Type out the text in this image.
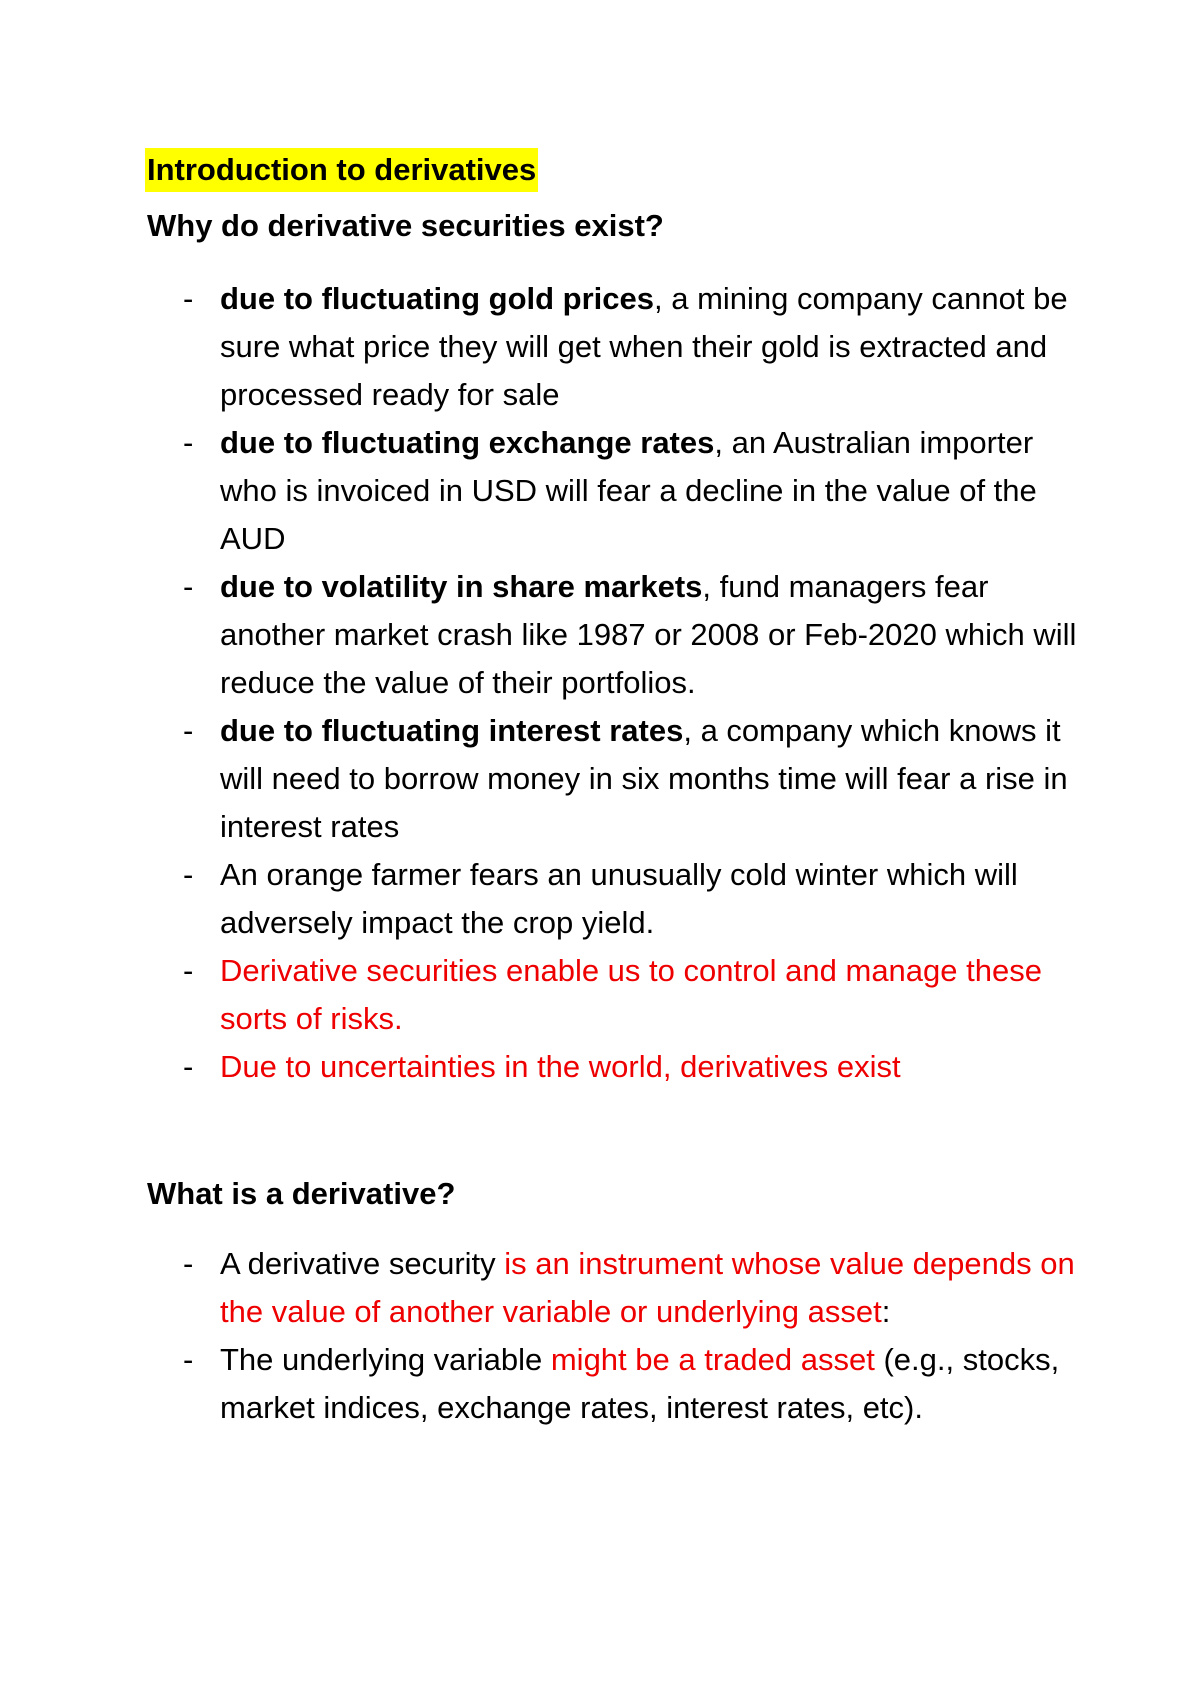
Introduction to derivatives
Why do derivative securities exist?
- due to fluctuating gold prices, a mining company cannot be sure what price they will get when their gold is extracted and processed ready for sale
- due to fluctuating exchange rates, an Australian importer who is invoiced in USD will fear a decline in the value of the AUD
- due to volatility in share markets, fund managers fear another market crash like 1987 or 2008 or Feb-2020 which will reduce the value of their portfolios.
- due to fluctuating interest rates, a company which knows it will need to borrow money in six months time will fear a rise in interest rates
- An orange farmer fears an unusually cold winter which will adversely impact the crop yield.
- Derivative securities enable us to control and manage these sorts of risks.
- Due to uncertainties in the world, derivatives exist
What is a derivative?
- A derivative security is an instrument whose value depends on the value of another variable or underlying asset:
- The underlying variable might be a traded asset (e.g., stocks, market indices, exchange rates, interest rates, etc).
